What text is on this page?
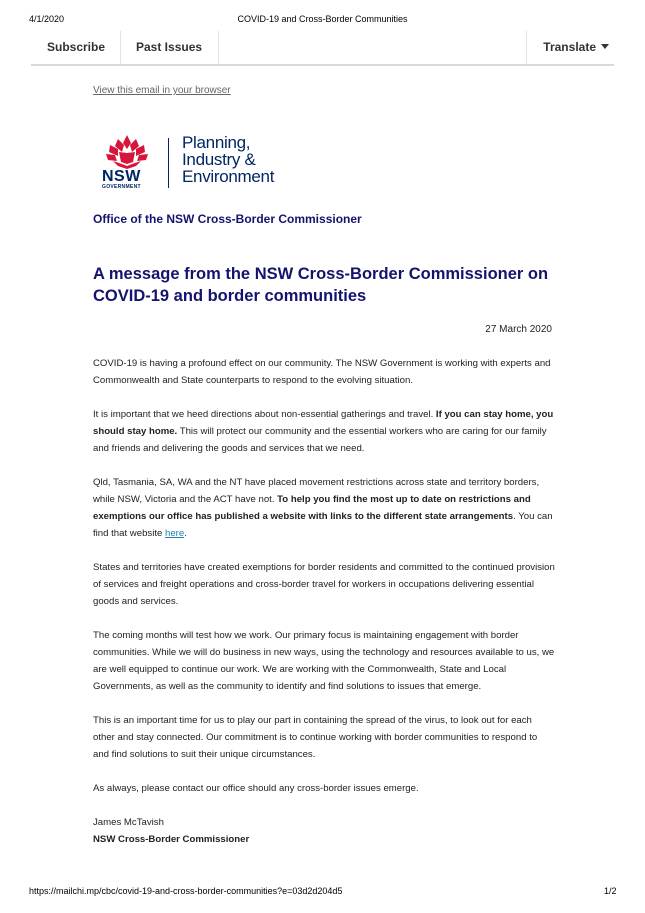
4/1/2020	COVID-19 and Cross-Border Communities
Subscribe	Past Issues	Translate
View this email in your browser
NSW
GOVERNMENT
Planning,
Industry &
Environment
Office of the NSW Cross-Border Commissioner
A message from the NSW Cross-Border Commissioner on COVID-19 and border communities
27 March 2020

COVID-19 is having a profound effect on our community. The NSW Government is working with experts and Commonwealth and State counterparts to respond to the evolving situation.

It is important that we heed directions about non-essential gatherings and travel. If you can stay home, you should stay home. This will protect our community and the essential workers who are caring for our family and friends and delivering the goods and services that we need.

Qld, Tasmania, SA, WA and the NT have placed movement restrictions across state and territory borders, while NSW, Victoria and the ACT have not. To help you find the most up to date on restrictions and exemptions our office has published a website with links to the different state arrangements. You can find that website here.

States and territories have created exemptions for border residents and committed to the continued provision of services and freight operations and cross-border travel for workers in occupations delivering essential goods and services.

The coming months will test how we work. Our primary focus is maintaining engagement with border communities. While we will do business in new ways, using the technology and resources available to us, we are well equipped to continue our work. We are working with the Commonwealth, State and Local Governments, as well as the community to identify and find solutions to issues that emerge.

This is an important time for us to play our part in containing the spread of the virus, to look out for each other and stay connected. Our commitment is to continue working with border communities to respond to and find solutions to suit their unique circumstances.

As always, please contact our office should any cross-border issues emerge.

James McTavish
NSW Cross-Border Commissioner

https://mailchi.mp/cbc/covid-19-and-cross-border-communities?e=03d2d204d5	1/2
